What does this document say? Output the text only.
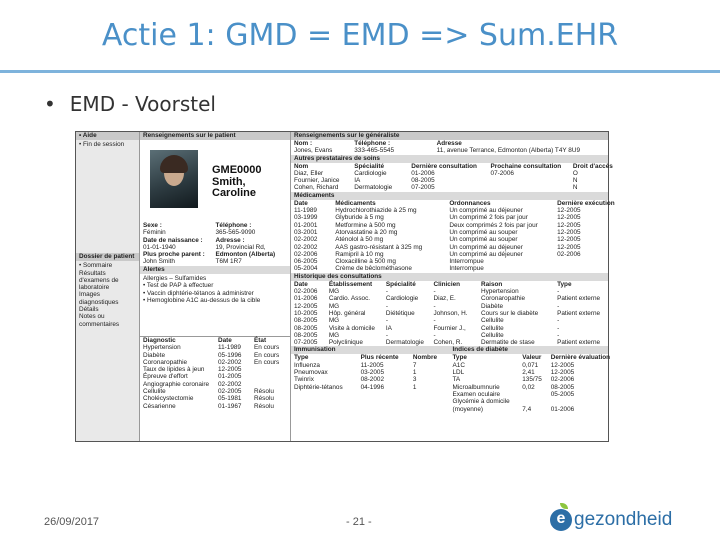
Actie 1: GMD = EMD => Sum.EHR
• EMD - Voorstel
• Aide
• Fin de session
Dossier de patient
• Sommaire
Résultats
d'examens de
laboratoire
Images
diagnostiques
Détails
Notes ou
commentaires
Renseignements sur le patient
GME0000
Smith,
Caroline
Sexe :	Téléphone :
Féminin	365-565-9090
Date de naissance :	Adresse :
01-01-1940	19, Provincial Rd,
Plus proche parent :	Edmonton (Alberta)
John Smith	T6M 1R7
Alertes
Allergies – Sulfamides
• Test de PAP à effectuer
• Vaccin diphtérie-tétanos à administrer
• Hemoglobine A1C au-dessus de la cible
Diagnostic	Date	État
Hypertension	11-1989	En cours
Diabète	05-1996	En cours
Coronaropathie	02-2002	En cours
Taux de lipides à jeun	12-2005	
Épreuve d'effort	01-2005	
Angiographie coronaire	02-2002	
Cellulite	02-2005	Résolu
Cholécystectomie	05-1981	Résolu
Césarienne	01-1967	Résolu
Renseignements sur le généraliste
Nom :	Téléphone :	Adresse
Jones, Evans	333-465-5545	11, avenue Terrance, Edmonton (Alberta) T4Y 8U9
Autres prestataires de soins
Nom	Spécialité	Dernière consultation	Prochaine consultation	Droit d'accès
Diaz, Eller	Cardiologie	01-2006	07-2006	O
Fournier, Janice	IA	08-2005		N
Cohen, Richard	Dermatologie	07-2005		N
Médicaments
Date	Médicaments	Ordonnances	Dernière exécution
11-1989	Hydrochlorothiazide à 25 mg	Un comprimé au déjeuner	12-2005
03-1999	Glyburide à 5 mg	Un comprimé 2 fois par jour	12-2005
01-2001	Metformine à 500 mg	Deux comprimés 2 fois par jour	12-2005
03-2001	Atorvastatine à 20 mg	Un comprimé au souper	12-2005
02-2002	Aténolol à 50 mg	Un comprimé au souper	12-2005
02-2002	AAS gastro-résistant à 325 mg	Un comprimé au déjeuner	12-2005
02-2006	Ramipril à 10 mg	Un comprimé au déjeuner	02-2006
06-2005	Cloxacilline à 500 mg	Interrompue	
05-2004	Crème de bêclométhasone	Interrompue	
Historique des consultations
Date	Établissement	Spécialité	Clinicien	Raison	Type
02-2006	MG	-	-	Hypertension	-
01-2006	Cardio. Assoc.	Cardiologie	Diaz, E.	Coronaropathie	Patient externe
12-2005	MG	-	-	Diabète	-
10-2005	Hôp. général	Diététique	Johnson, H.	Cours sur le diabète	Patient externe
08-2005	MG	-	-	Cellulite	-
08-2005	Visite à domicile	IA	Fournier J.,	Cellulite	-
08-2005	MG	-	-	Cellulite	-
07-2005	Polyclinique	Dermatologie	Cohen, R.	Dermatite de stase	Patient externe
Immunisation
Type	Plus récente	Nombre
Influenza	11-2005	7
Pneumovax	03-2005	1
Twinrix	08-2002	3
Diphtérie-tétanos	04-1996	1
Indices de diabète
Type	Valeur	Dernière évaluation
A1C	0,071	12-2005
LDL	2,41	12-2005
TA	135/75	02-2006
Microalbumnurie	0,02	08-2005
Examen oculaire		05-2005
Glycémie à domicile		
(moyenne)	7,4	01-2006
26/09/2017	- 21 -	e gezondheid
